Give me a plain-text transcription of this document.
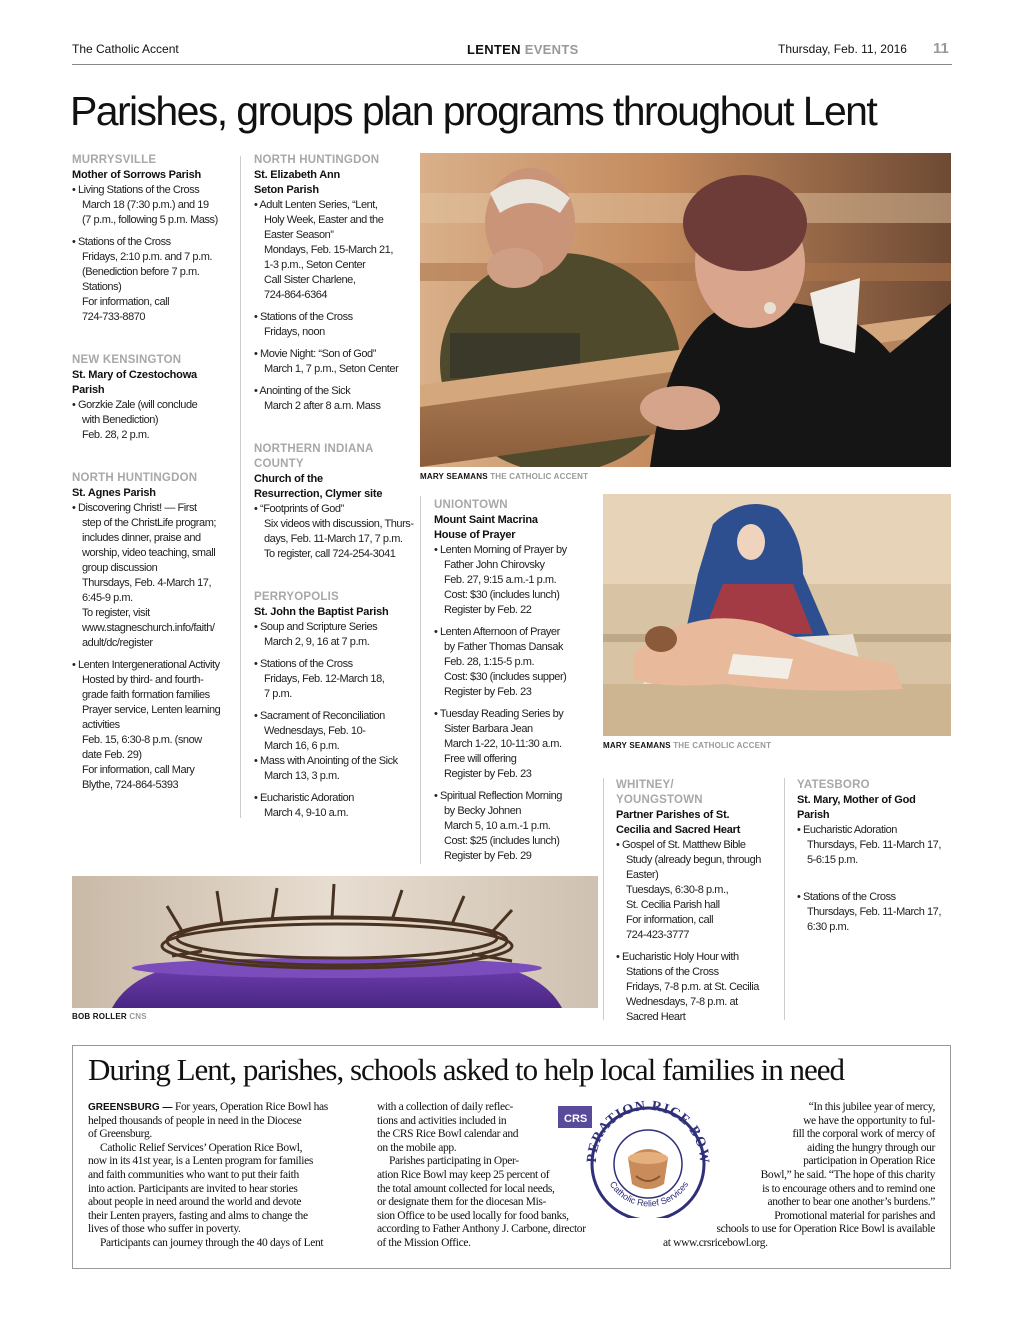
The Catholic Accent	LENTEN EVENTS	Thursday, Feb. 11, 2016 11
Parishes, groups plan programs throughout Lent

MURRYSVILLE

Mother of Sorrows Parish

• Living Stations of the Cross
March 18 (7:30 p.m.) and 19
(7 p.m., following 5 p.m. Mass)
• Stations of the Cross
Fridays, 2:10 p.m. and 7 p.m.
(Benediction before 7 p.m.
Stations)
For information, call
724-733-8870

NEW KENSINGTON

St. Mary of Czestochowa

Parish

• Gorzkie Zale (will conclude
with Benediction)
Feb. 28, 2 p.m.

NORTH HUNTINGDON

St. Agnes Parish

• Discovering Christ! — First
step of the ChristLife program;
includes dinner, praise and
worship, video teaching, small
group discussion
Thursdays, Feb. 4-March 17,
6:45-9 p.m.
To register, visit
www.stagneschurch.info/faith/
adult/dc/register
• Lenten Intergenerational Activity
Hosted by third- and fourth-
grade faith formation families
Prayer service, Lenten learning
activities
Feb. 15, 6:30-8 p.m. (snow
date Feb. 29)
For information, call Mary
Blythe, 724-864-5393

NORTH HUNTINGDON

St. Elizabeth Ann

Seton Parish

• Adult Lenten Series, “Lent,
Holy Week, Easter and the
Easter Season”
Mondays, Feb. 15-March 21,
1-3 p.m., Seton Center
Call Sister Charlene,
724-864-6364
• Stations of the Cross
Fridays, noon
• Movie Night: “Son of God”
March 1, 7 p.m., Seton Center
• Anointing of the Sick
March 2 after 8 a.m. Mass

NORTHERN INDIANA

COUNTY

Church of the

Resurrection, Clymer site

• “Footprints of God”
Six videos with discussion, Thurs-
days, Feb. 11-March 17, 7 p.m.
To register, call 724-254-3041

PERRYOPOLIS

St. John the Baptist Parish

• Soup and Scripture Series
March 2, 9, 16 at 7 p.m.
• Stations of the Cross
Fridays, Feb. 12-March 18,
7 p.m.
• Sacrament of Reconciliation
Wednesdays, Feb. 10-
March 16, 6 p.m.
• Mass with Anointing of the Sick
March 13, 3 p.m.
• Eucharistic Adoration
March 4, 9-10 a.m.
MARY SEAMANS THE CATHOLIC ACCENT

UNIONTOWN

Mount Saint Macrina

House of Prayer

• Lenten Morning of Prayer by
Father John Chirovsky
Feb. 27, 9:15 a.m.-1 p.m.
Cost: $30 (includes lunch)
Register by Feb. 22
• Lenten Afternoon of Prayer
by Father Thomas Dansak
Feb. 28, 1:15-5 p.m.
Cost: $30 (includes supper)
Register by Feb. 23
• Tuesday Reading Series by
Sister Barbara Jean
March 1-22, 10-11:30 a.m.
Free will offering
Register by Feb. 23
• Spiritual Reflection Morning
by Becky Johnen
March 5, 10 a.m.-1 p.m.
Cost: $25 (includes lunch)
Register by Feb. 29

MARY SEAMANS THE CATHOLIC ACCENT

WHITNEY/

YOUNGSTOWN

Partner Parishes of St.

Cecilia and Sacred Heart

• Gospel of St. Matthew Bible
Study (already begun, through
Easter)
Tuesdays, 6:30-8 p.m.,
St. Cecilia Parish hall
For information, call
724-423-3777
• Eucharistic Holy Hour with
Stations of the Cross
Fridays, 7-8 p.m. at St. Cecilia
Wednesdays, 7-8 p.m. at
Sacred Heart

YATESBORO

St. Mary, Mother of God

Parish

• Eucharistic Adoration
Thursdays, Feb. 11-March 17,
5-6:15 p.m.
• Stations of the Cross
Thursdays, Feb. 11-March 17,
6:30 p.m.
BOB ROLLER CNS
During Lent, parishes, schools asked to help local families in need
GREENSBURG — For years, Operation Rice Bowl has
helped thousands of people in need in the Diocese
of Greensburg.
Catholic Relief Services’ Operation Rice Bowl,
now in its 41st year, is a Lenten program for families
and faith communities who want to put their faith
into action. Participants are invited to hear stories
about people in need around the world and devote
their Lenten prayers, fasting and alms to change the
lives of those who suffer in poverty.
Participants can journey through the 40 days of Lent
with a collection of daily reflec-
tions and activities included in
the CRS Rice Bowl calendar and
on the mobile app.
Parishes participating in Oper-
ation Rice Bowl may keep 25 percent of
the total amount collected for local needs,
or designate them for the diocesan Mis-
sion Office to be used locally for food banks,
according to Father Anthony J. Carbone, director
of the Mission Office.
CRS
PERATION RICE BOW
Catholic Relief Services
“In this jubilee year of mercy,
we have the opportunity to ful-
fill the corporal work of mercy of
aiding the hungry through our
participation in Operation Rice
Bowl,” he said. “The hope of this charity
is to encourage others and to remind one
another to bear one another’s burdens.”
Promotional material for parishes and
schools to use for Operation Rice Bowl is available
at www.crsricebowl.org.
